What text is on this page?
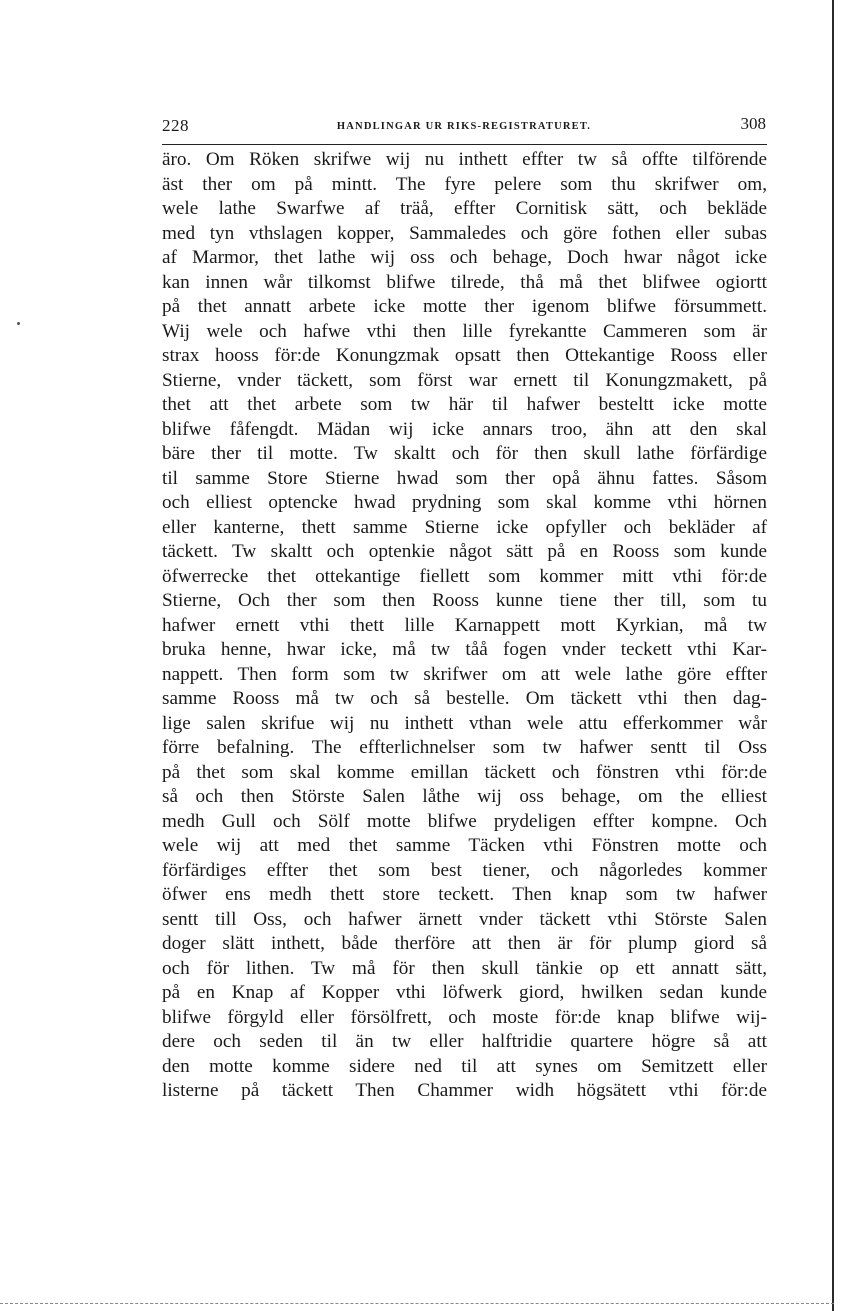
228	HANDLINGAR UR RIKS-REGISTRATURET.	308
äro. Om Röken skrifwe wij nu inthett effter tw så offte tilförende
äst ther om på mintt. The fyre pelere som thu skrifwer om,
wele lathe Swarfwe af träå, effter Cornitisk sätt, och bekläde
med tyn vthslagen kopper, Sammaledes och göre fothen eller subas
af Marmor, thet lathe wij oss och behage, Doch hwar något icke
kan innen wår tilkomst blifwe tilrede, thå må thet blifwee ogiortt
på thet annatt arbete icke motte ther igenom blifwe försummett.
Wij wele och hafwe vthi then lille fyrekantte Cammeren som är
strax hooss för:de Konungzmak opsatt then Ottekantige Rooss eller
Stierne, vnder täckett, som först war ernett til Konungzmakett, på
thet att thet arbete som tw här til hafwer besteltt icke motte
blifwe fåfengdt. Mädan wij icke annars troo, ähn att den skal
bäre ther til motte. Tw skaltt och för then skull lathe förfärdige
til samme Store Stierne hwad som ther opå ähnu fattes. Såsom
och elliest optencke hwad prydning som skal komme vthi hörnen
eller kanterne, thett samme Stierne icke opfyller och bekläder af
täckett. Tw skaltt och optenkie något sätt på en Rooss som kunde
öfwerrecke thet ottekantige fiellett som kommer mitt vthi för:de
Stierne, Och ther som then Rooss kunne tiene ther till, som tu
hafwer ernett vthi thett lille Karnappett mott Kyrkian, må tw
bruka henne, hwar icke, må tw tåå fogen vnder teckett vthi Kar-
nappett. Then form som tw skrifwer om att wele lathe göre effter
samme Rooss må tw och så bestelle. Om täckett vthi then dag-
lige salen skrifue wij nu inthett vthan wele attu efferkommer wår
förre befalning. The effterlichnelser som tw hafwer sentt til Oss
på thet som skal komme emillan täckett och fönstren vthi för:de
så och then Störste Salen låthe wij oss behage, om the elliest
medh Gull och Sölf motte blifwe prydeligen effter kompne. Och
wele wij att med thet samme Täcken vthi Fönstren motte och
förfärdiges effter thet som best tiener, och någorledes kommer
öfwer ens medh thett store teckett. Then knap som tw hafwer
sentt till Oss, och hafwer ärnett vnder täckett vthi Störste Salen
doger slätt inthett, både therföre att then är för plump giord så
och för lithen. Tw må för then skull tänkie op ett annatt sätt,
på en Knap af Kopper vthi löfwerk giord, hwilken sedan kunde
blifwe förgyld eller försölfrett, och moste för:de knap blifwe wij-
dere och seden til än tw eller halftridie quartere högre så att
den motte komme sidere ned til att synes om Semitzett eller
listerne på täckett Then Chammer widh högsätett vthi för:de
